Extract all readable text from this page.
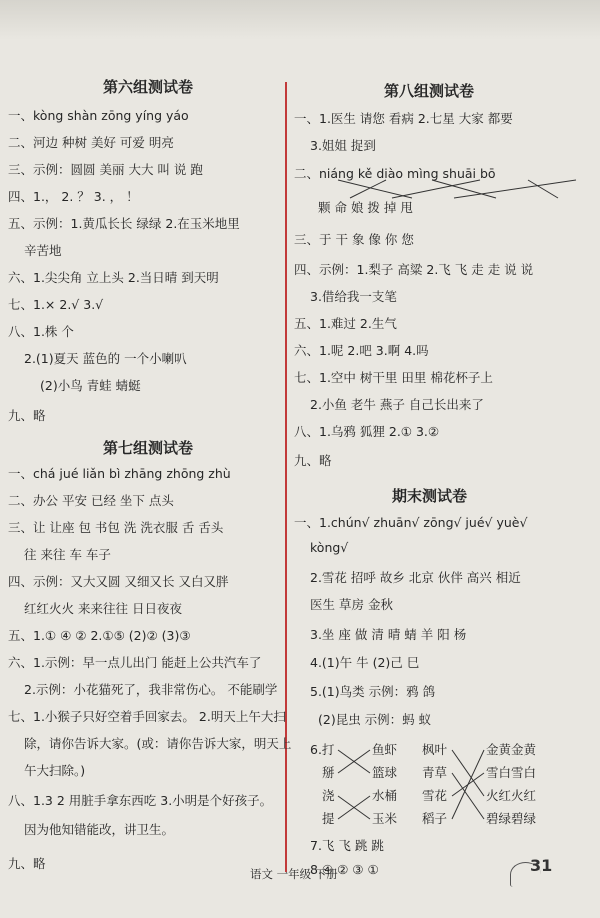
第六组测试卷
一、kòng shàn zōng yíng yáo
二、河边 种树 美好 可爱 明亮
三、示例：圆圆 美丽 大大 叫 说 跑
四、1.， 2. ？ 3. ， ！
五、示例：1.黄瓜长长 绿绿 2.在玉米地里
辛苦地
六、1.尖尖角 立上头 2.当日晴 到天明
七、1.× 2.√ 3.√
八、1.株 个
2.(1)夏天 蓝色的 一个小喇叭
(2)小鸟 青蛙 蜻蜓
九、略
第七组测试卷
一、chá jué liǎn bì zhāng zhōng zhù
二、办公 平安 已经 坐下 点头
三、让 让座 包 书包 洗 洗衣服 舌 舌头
往 来往 车 车子
四、示例：又大又圆 又细又长 又白又胖
红红火火 来来往往 日日夜夜
五、1.① ④ ② 2.①⑤ (2)② (3)③
六、1.示例：早一点儿出门 能赶上公共汽车了
2.示例：小花猫死了，我非常伤心。 不能刷学
七、1.小猴子只好空着手回家去。 2.明天上午大扫
除，请你告诉大家。(或：请你告诉大家，明天上
午大扫除。)
八、1.3 2 用脏手拿东西吃 3.小明是个好孩子。
因为他知错能改，讲卫生。
九、略
第八组测试卷
一、1.医生 请您 看病 2.七星 大家 都要
3.姐姐 捉到
二、niáng kě diào mìng shuāi bō
颗 命 娘 拨 掉 甩
三、于 干 象 像 你 您
四、示例：1.梨子 高粱 2.飞 飞 走 走 说 说
3.借给我一支笔
五、1.难过 2.生气
六、1.呢 2.吧 3.啊 4.吗
七、1.空中 树干里 田里 棉花杯子上
2.小鱼 老牛 燕子 自己长出来了
八、1.乌鸦 狐狸 2.① 3.②
九、略
期末测试卷
一、1.chún√ zhuān√ zōng√ jué√ yuè√
kòng√
2.雪花 招呼 故乡 北京 伙伴 高兴 相近
医生 草房 金秋
3.坐 座 做 清 晴 蜻 羊 阳 杨
4.(1)午 牛 (2)己 巳
5.(1)鸟类 示例：鸦 鸽
(2)昆虫 示例：蚂 蚁
6.打
掰
浇
提
鱼虾
篮球
水桶
玉米
枫叶
青草
雪花
稻子
金黄金黄
雪白雪白
火红火红
碧绿碧绿
7.飞 飞 跳 跳
8.④ ② ③ ①
语文 一年级 下册	31
